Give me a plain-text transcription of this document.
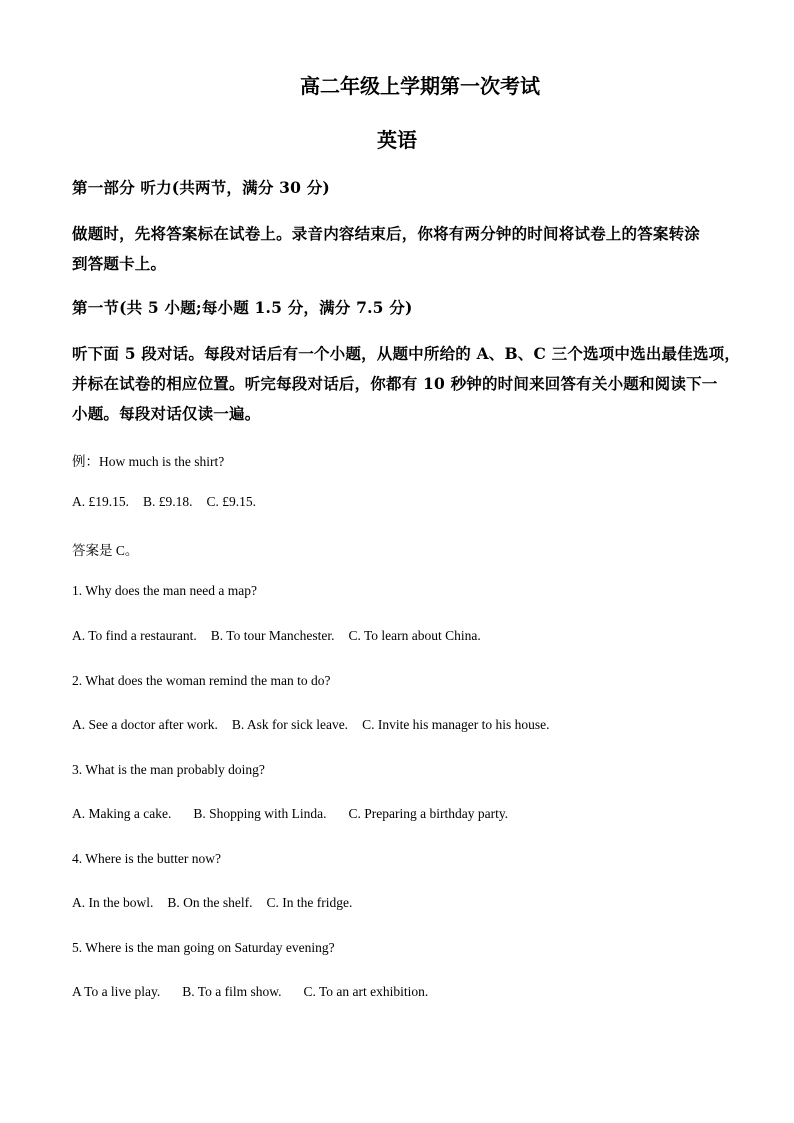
高二年级上学期第一次考试
英语
第一部分 听力(共两节，满分 30 分)
做题时，先将答案标在试卷上。录音内容结束后，你将有两分钟的时间将试卷上的答案转涂
到答题卡上。
第一节(共 5 小题;每小题 1.5 分，满分 7.5 分)
听下面 5 段对话。每段对话后有一个小题，从题中所给的 A、B、C 三个选项中选出最佳选项，
并标在试卷的相应位置。听完每段对话后，你都有 10 秒钟的时间来回答有关小题和阅读下一
小题。每段对话仅读一遍。
例：How much is the shirt?
A. £19.15. B. £9.18. C. £9.15.
答案是 C。
1. Why does the man need a map?
A. To find a restaurant. B. To tour Manchester. C. To learn about China.
2. What does the woman remind the man to do?
A. See a doctor after work. B. Ask for sick leave. C. Invite his manager to his house.
3. What is the man probably doing?
A. Making a cake. B. Shopping with Linda. C. Preparing a birthday party.
4. Where is the butter now?
A. In the bowl. B. On the shelf. C. In the fridge.
5. Where is the man going on Saturday evening?
A To a live play. B. To a film show. C. To an art exhibition.
